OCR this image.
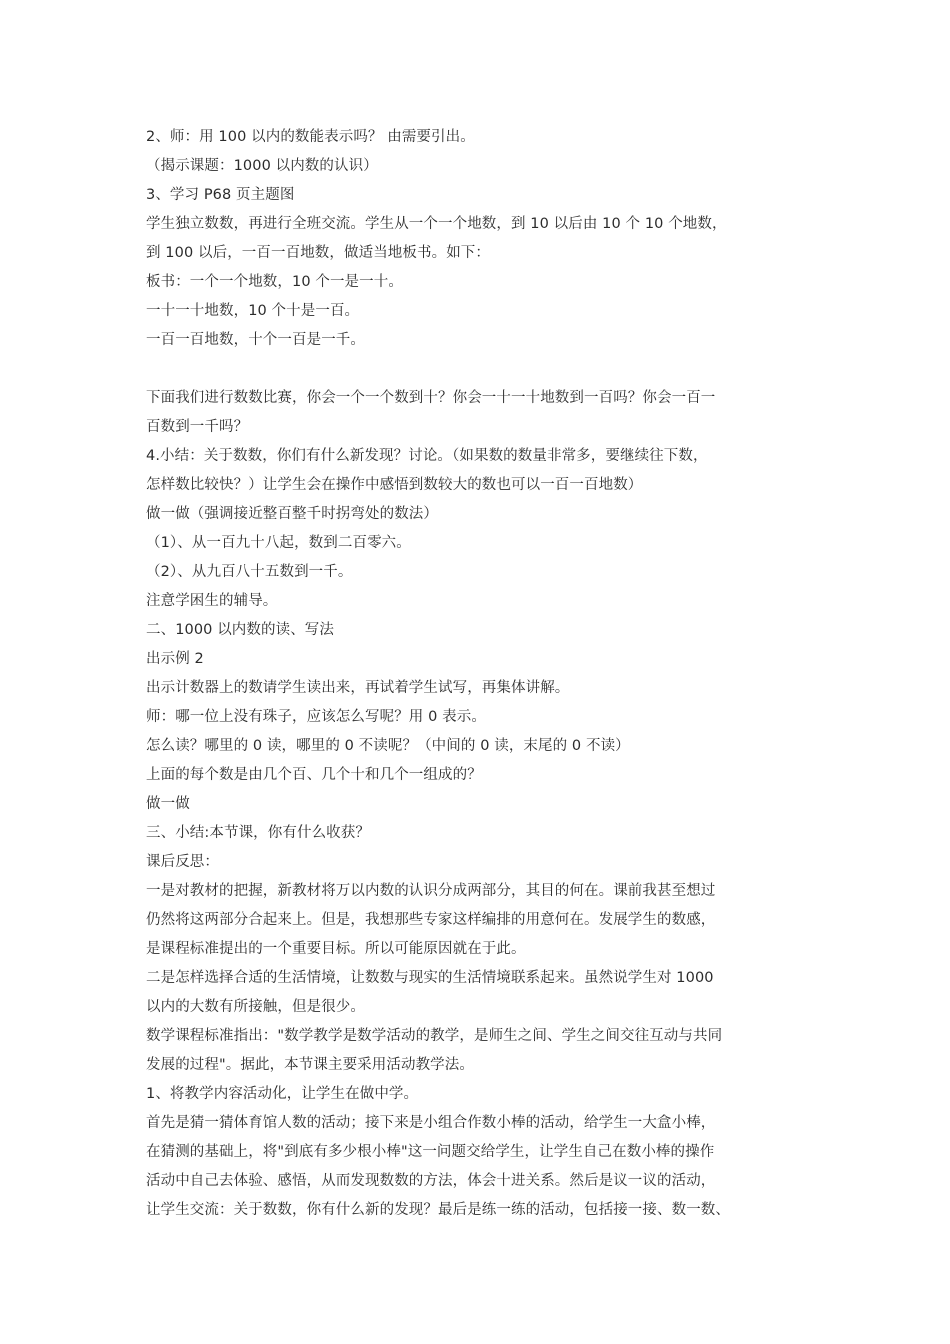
2、师：用 100 以内的数能表示吗？ 由需要引出。
（揭示课题：1000 以内数的认识）
3、学习 P68 页主题图
学生独立数数，再进行全班交流。学生从一个一个地数，到 10 以后由 10 个 10 个地数，
到 100 以后，一百一百地数，做适当地板书。如下：
板书：一个一个地数，10 个一是一十。
一十一十地数，10 个十是一百。
一百一百地数，十个一百是一千。
下面我们进行数数比赛，你会一个一个数到十？你会一十一十地数到一百吗？你会一百一
百数到一千吗？
4.小结：关于数数，你们有什么新发现？讨论。（如果数的数量非常多，要继续往下数，
怎样数比较快？）让学生会在操作中感悟到数较大的数也可以一百一百地数）
做一做（强调接近整百整千时拐弯处的数法）
（1）、从一百九十八起，数到二百零六。
（2）、从九百八十五数到一千。
注意学困生的辅导。
二、1000 以内数的读、写法
出示例 2
出示计数器上的数请学生读出来，再试着学生试写，再集体讲解。
师：哪一位上没有珠子，应该怎么写呢？用 0 表示。
怎么读？哪里的 0 读，哪里的 0 不读呢？（中间的 0 读，末尾的 0 不读）
上面的每个数是由几个百、几个十和几个一组成的？
做一做
三、小结:本节课，你有什么收获？
课后反思：
一是对教材的把握，新教材将万以内数的认识分成两部分，其目的何在。课前我甚至想过
仍然将这两部分合起来上。但是，我想那些专家这样编排的用意何在。发展学生的数感，
是课程标准提出的一个重要目标。所以可能原因就在于此。
二是怎样选择合适的生活情境，让数数与现实的生活情境联系起来。虽然说学生对 1000
以内的大数有所接触，但是很少。
数学课程标准指出："数学教学是数学活动的教学，是师生之间、学生之间交往互动与共同
发展的过程"。据此，本节课主要采用活动教学法。
1、将教学内容活动化，让学生在做中学。
首先是猜一猜体育馆人数的活动；接下来是小组合作数小棒的活动，给学生一大盒小棒，
在猜测的基础上，将"到底有多少根小棒"这一问题交给学生，让学生自己在数小棒的操作
活动中自己去体验、感悟，从而发现数数的方法，体会十进关系。然后是议一议的活动，
让学生交流：关于数数，你有什么新的发现？最后是练一练的活动，包括接一接、数一数、
